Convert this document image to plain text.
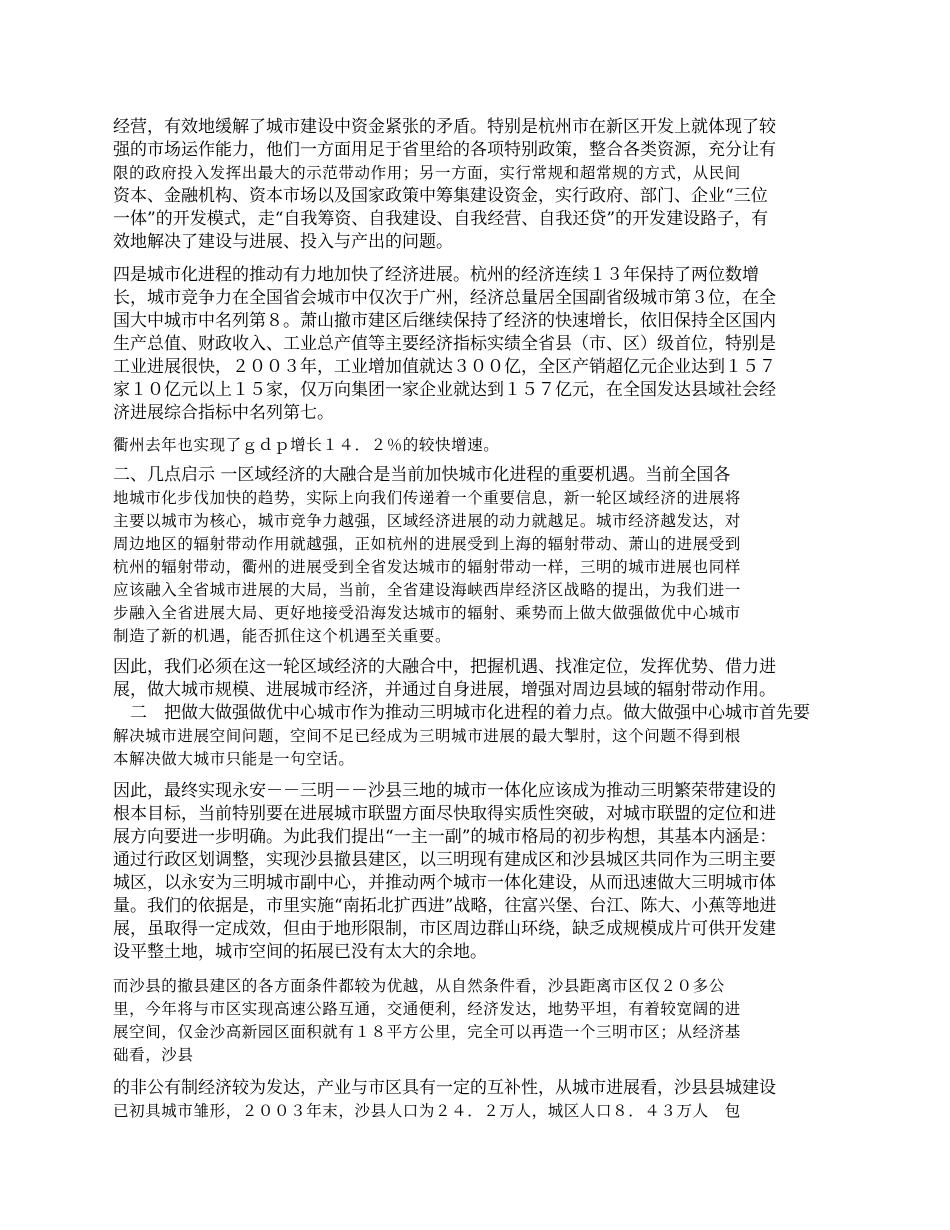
经营，有效地缓解了城市建设中资金紧张的矛盾。特别是杭州市在新区开发上就体现了较
强的市场运作能力，他们一方面用足于省里给的各项特别政策，整合各类资源，充分让有
限的政府投入发挥出最大的示范带动作用；另一方面，实行常规和超常规的方式，从民间
资本、金融机构、资本市场以及国家政策中筹集建设资金，实行政府、部门、企业“三位
一体”的开发模式，走“自我筹资、自我建设、自我经营、自我还贷”的开发建设路子，有
效地解决了建设与进展、投入与产出的问题。
四是城市化进程的推动有力地加快了经济进展。杭州的经济连续１３年保持了两位数增
长，城市竞争力在全国省会城市中仅次于广州，经济总量居全国副省级城市第３位，在全
国大中城市中名列第８。萧山撤市建区后继续保持了经济的快速增长，依旧保持全区国内
生产总值、财政收入、工业总产值等主要经济指标实绩全省县（市、区）级首位，特别是
工业进展很快，２００３年，工业增加值就达３００亿，全区产销超亿元企业达到１５７
家１０亿元以上１５家，仅万向集团一家企业就达到１５７亿元，在全国发达县域社会经
济进展综合指标中名列第七。
衢州去年也实现了ｇｄｐ增长１４．２％的较快增速。
二、几点启示 一区域经济的大融合是当前加快城市化进程的重要机遇。当前全国各
地城市化步伐加快的趋势，实际上向我们传递着一个重要信息，新一轮区域经济的进展将
主要以城市为核心，城市竞争力越强，区域经济进展的动力就越足。城市经济越发达，对
周边地区的辐射带动作用就越强，正如杭州的进展受到上海的辐射带动、萧山的进展受到
杭州的辐射带动，衢州的进展受到全省发达城市的辐射带动一样，三明的城市进展也同样
应该融入全省城市进展的大局，当前，全省建设海峡西岸经济区战略的提出，为我们进一
步融入全省进展大局、更好地接受沿海发达城市的辐射、乘势而上做大做强做优中心城市
制造了新的机遇，能否抓住这个机遇至关重要。
因此，我们必须在这一轮区域经济的大融合中，把握机遇、找准定位，发挥优势、借力进
展，做大城市规模、进展城市经济，并通过自身进展，增强对周边县域的辐射带动作用。
　二　把做大做强做优中心城市作为推动三明城市化进程的着力点。做大做强中心城市首先要
解决城市进展空间问题，空间不足已经成为三明城市进展的最大掣肘，这个问题不得到根
本解决做大城市只能是一句空话。
因此，最终实现永安－－三明－－沙县三地的城市一体化应该成为推动三明繁荣带建设的
根本目标，当前特别要在进展城市联盟方面尽快取得实质性突破，对城市联盟的定位和进
展方向要进一步明确。为此我们提出“一主一副”的城市格局的初步构想，其基本内涵是：
通过行政区划调整，实现沙县撤县建区，以三明现有建成区和沙县城区共同作为三明主要
城区，以永安为三明城市副中心，并推动两个城市一体化建设，从而迅速做大三明城市体
量。我们的依据是，市里实施“南拓北扩西进”战略，往富兴堡、台江、陈大、小蕉等地进
展，虽取得一定成效，但由于地形限制，市区周边群山环绕，缺乏成规模成片可供开发建
设平整土地，城市空间的拓展已没有太大的余地。
而沙县的撤县建区的各方面条件都较为优越，从自然条件看，沙县距离市区仅２０多公
里，今年将与市区实现高速公路互通，交通便利，经济发达，地势平坦，有着较宽阔的进
展空间，仅金沙高新园区面积就有１８平方公里，完全可以再造一个三明市区；从经济基
础看，沙县
的非公有制经济较为发达，产业与市区具有一定的互补性，从城市进展看，沙县县城建设
已初具城市雏形，２００３年末，沙县人口为２４．２万人，城区人口８．４３万人　包
